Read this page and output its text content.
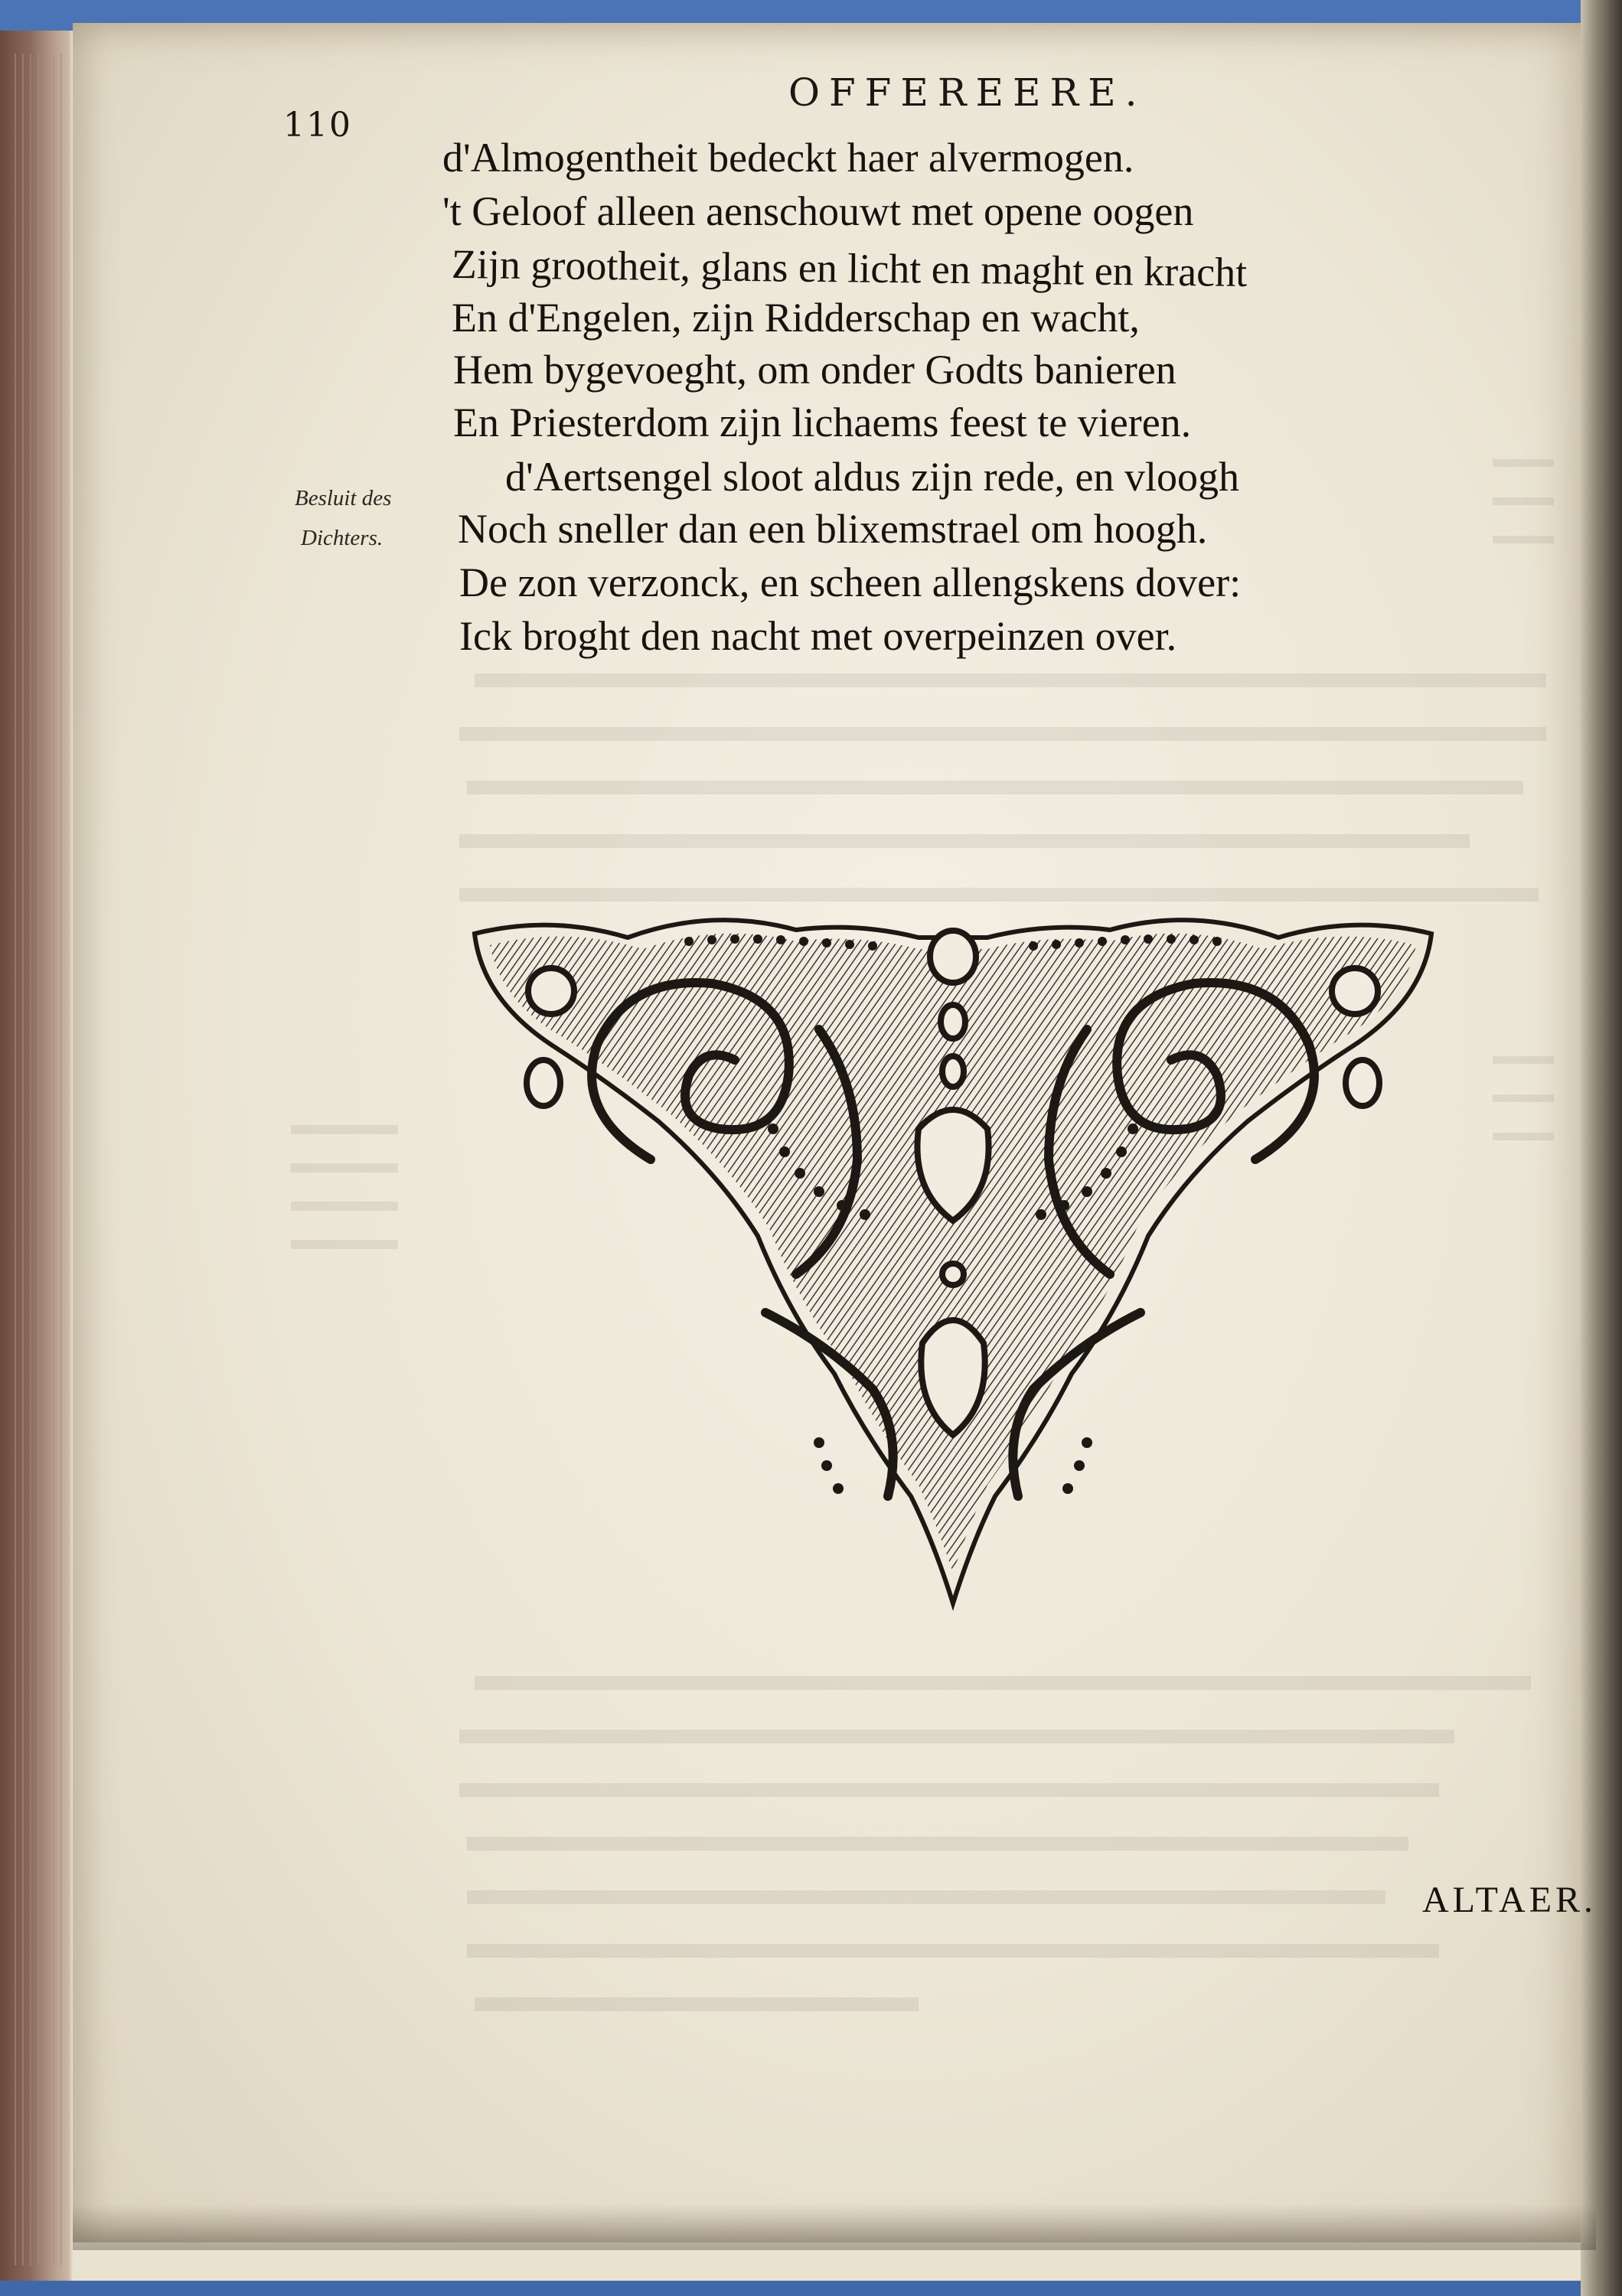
110
OFFEREERE.
Besluit des
Dichters.
d'Almogentheit bedeckt haer alvermogen.
't Geloof alleen aenschouwt met opene oogen
Zijn grootheit, glans en licht en maght en kracht
En d'Engelen, zijn Ridderschap en wacht,
Hem bygevoeght, om onder Godts banieren
En Priesterdom zijn lichaems feest te vieren.
d'Aertsengel sloot aldus zijn rede, en vloogh
Noch sneller dan een blixemstrael om hoogh.
De zon verzonck, en scheen allengskens dover:
Ick broght den nacht met overpeinzen over.
ALTAER.
